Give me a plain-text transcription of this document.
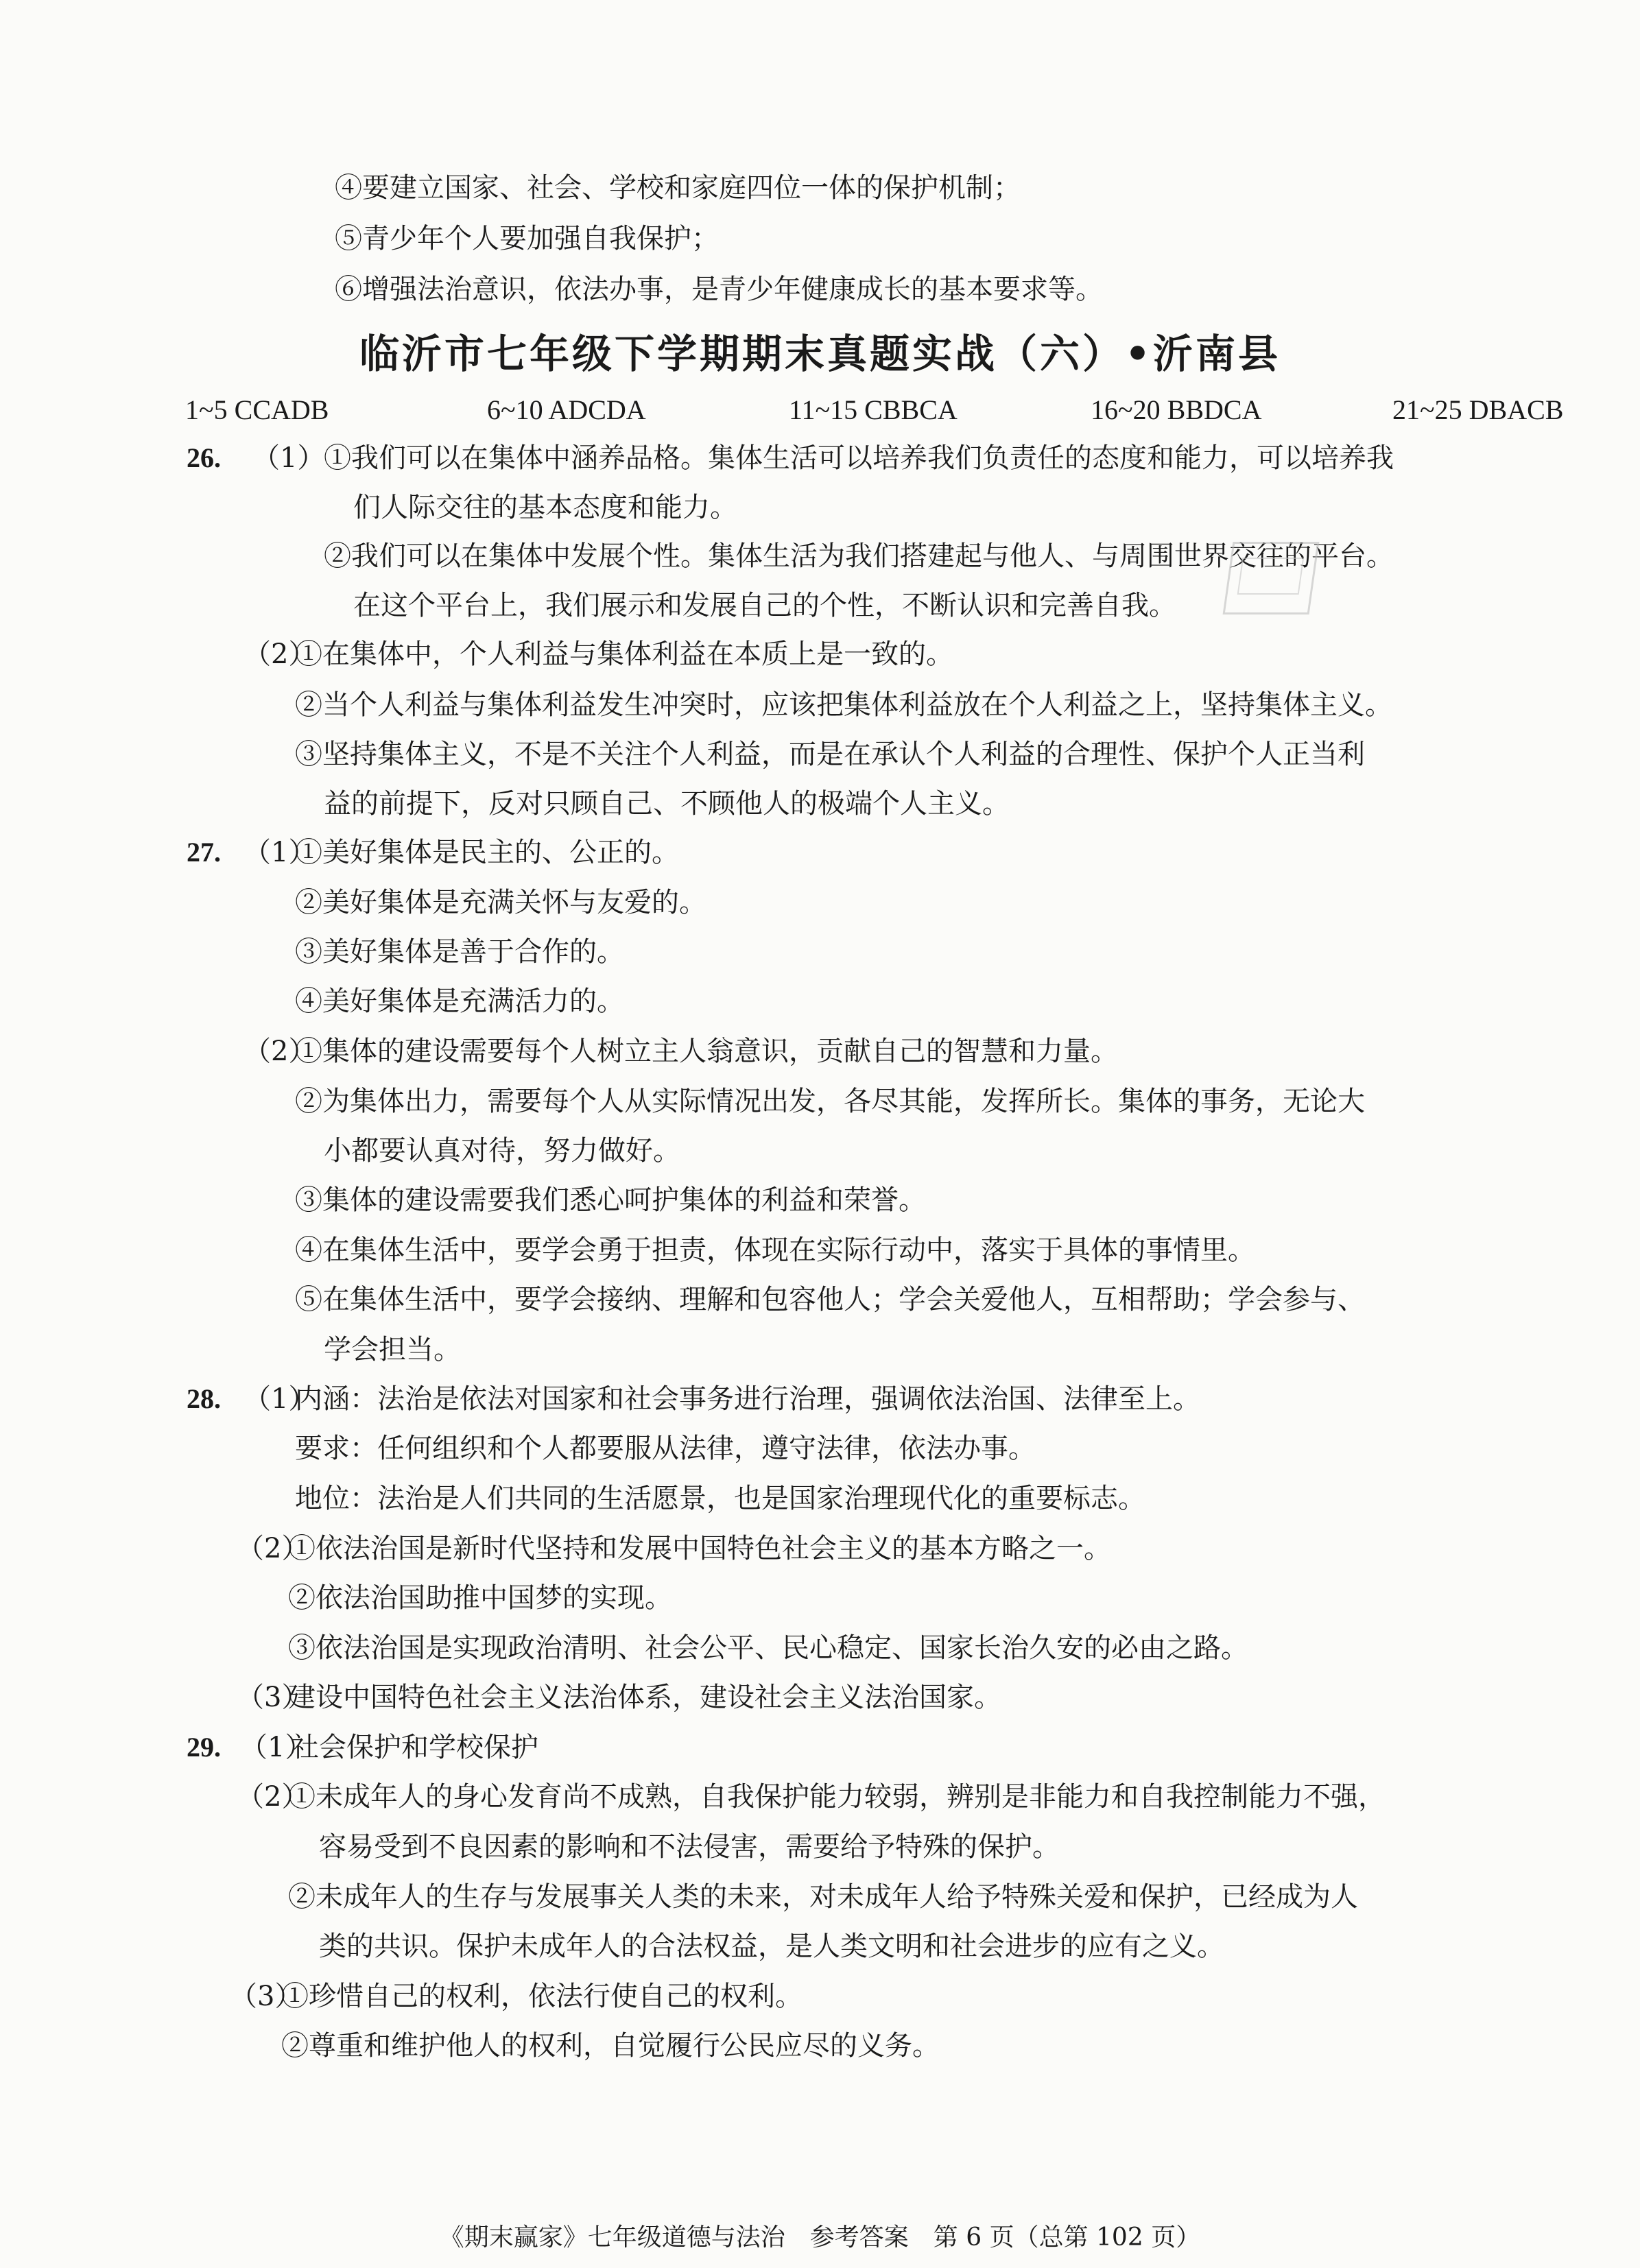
④要建立国家、社会、学校和家庭四位一体的保护机制；
⑤青少年个人要加强自我保护；
⑥增强法治意识，依法办事，是青少年健康成长的基本要求等。
临沂市七年级下学期期末真题实战（六）•沂南县
1~5 CCADB	6~10 ADCDA	11~15 CBBCA	16~20 BBDCA	21~25 DBACB
26. （1）
①我们可以在集体中涵养品格。集体生活可以培养我们负责任的态度和能力，可以培养我
们人际交往的基本态度和能力。
②我们可以在集体中发展个性。集体生活为我们搭建起与他人、与周围世界交往的平台。
在这个平台上，我们展示和发展自己的个性，不断认识和完善自我。
（2）
①在集体中，个人利益与集体利益在本质上是一致的。
②当个人利益与集体利益发生冲突时，应该把集体利益放在个人利益之上，坚持集体主义。
③坚持集体主义，不是不关注个人利益，而是在承认个人利益的合理性、保护个人正当利
益的前提下，反对只顾自己、不顾他人的极端个人主义。
27. （1）
①美好集体是民主的、公正的。
②美好集体是充满关怀与友爱的。
③美好集体是善于合作的。
④美好集体是充满活力的。
（2）
①集体的建设需要每个人树立主人翁意识，贡献自己的智慧和力量。
②为集体出力，需要每个人从实际情况出发，各尽其能，发挥所长。集体的事务，无论大
小都要认真对待，努力做好。
③集体的建设需要我们悉心呵护集体的利益和荣誉。
④在集体生活中，要学会勇于担责，体现在实际行动中，落实于具体的事情里。
⑤在集体生活中，要学会接纳、理解和包容他人；学会关爱他人，互相帮助；学会参与、
学会担当。
28. （1）
内涵：法治是依法对国家和社会事务进行治理，强调依法治国、法律至上。
要求：任何组织和个人都要服从法律，遵守法律，依法办事。
地位：法治是人们共同的生活愿景，也是国家治理现代化的重要标志。
（2）
①依法治国是新时代坚持和发展中国特色社会主义的基本方略之一。
②依法治国助推中国梦的实现。
③依法治国是实现政治清明、社会公平、民心稳定、国家长治久安的必由之路。
（3）
建设中国特色社会主义法治体系，建设社会主义法治国家。
29. （1）
社会保护和学校保护
（2）
①未成年人的身心发育尚不成熟，自我保护能力较弱，辨别是非能力和自我控制能力不强，
容易受到不良因素的影响和不法侵害，需要给予特殊的保护。
②未成年人的生存与发展事关人类的未来，对未成年人给予特殊关爱和保护，已经成为人
类的共识。保护未成年人的合法权益，是人类文明和社会进步的应有之义。
（3）
①珍惜自己的权利，依法行使自己的权利。
②尊重和维护他人的权利，自觉履行公民应尽的义务。
《期末赢家》七年级道德与法治　参考答案　第 6 页（总第 102 页）
